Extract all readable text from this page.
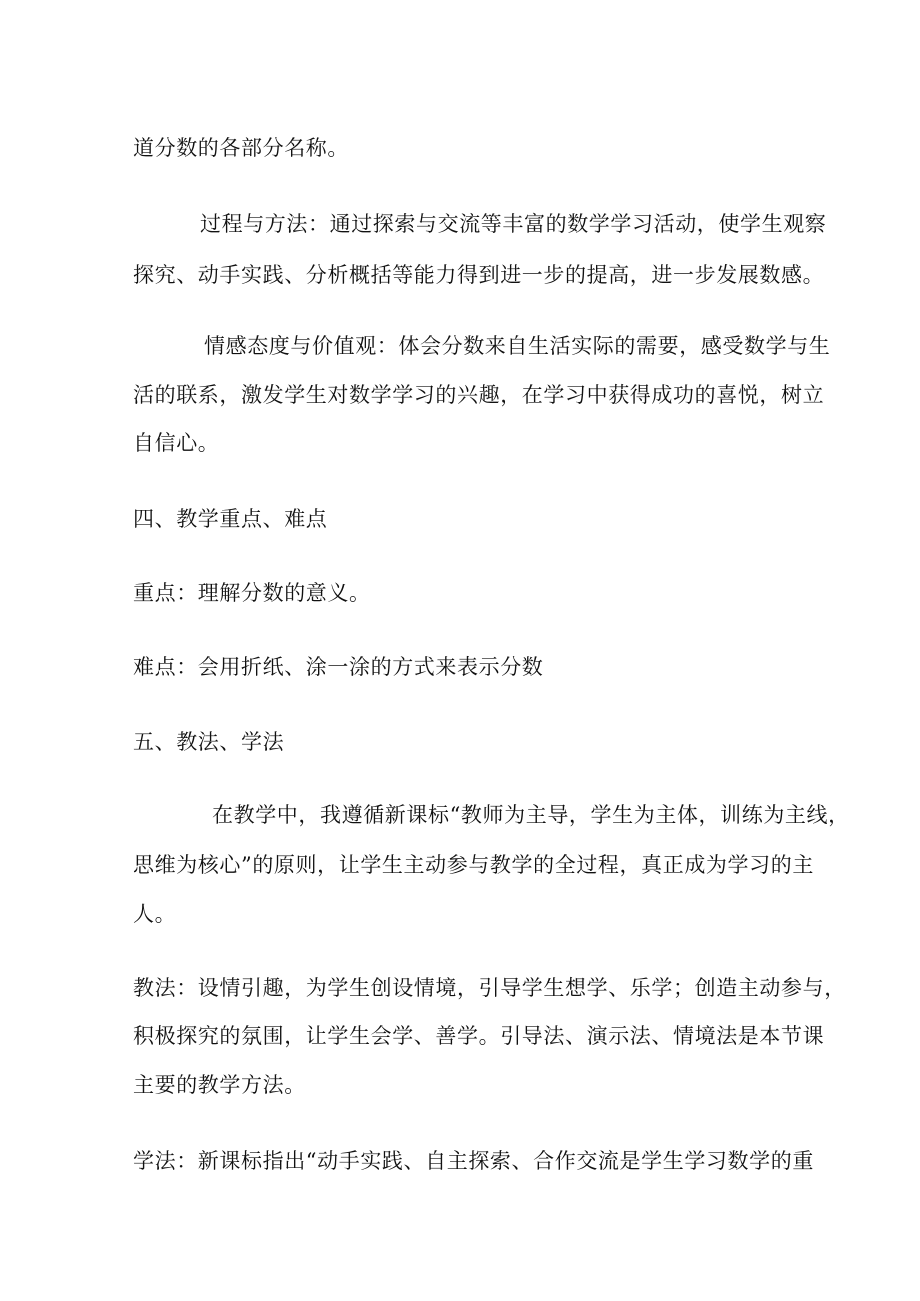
道分数的各部分名称。
过程与方法：通过探索与交流等丰富的数学学习活动，使学生观察
探究、动手实践、分析概括等能力得到进一步的提高，进一步发展数感。
情感态度与价值观：体会分数来自生活实际的需要，感受数学与生
活的联系，激发学生对数学学习的兴趣，在学习中获得成功的喜悦，树立
自信心。
四、教学重点、难点
重点：理解分数的意义。
难点：会用折纸、涂一涂的方式来表示分数
五、教法、学法
在教学中，我遵循新课标“教师为主导，学生为主体，训练为主线，
思维为核心”的原则，让学生主动参与教学的全过程，真正成为学习的主
人。
教法：设情引趣，为学生创设情境，引导学生想学、乐学；创造主动参与，
积极探究的氛围，让学生会学、善学。引导法、演示法、情境法是本节课
主要的教学方法。
学法：新课标指出“动手实践、自主探索、合作交流是学生学习数学的重
